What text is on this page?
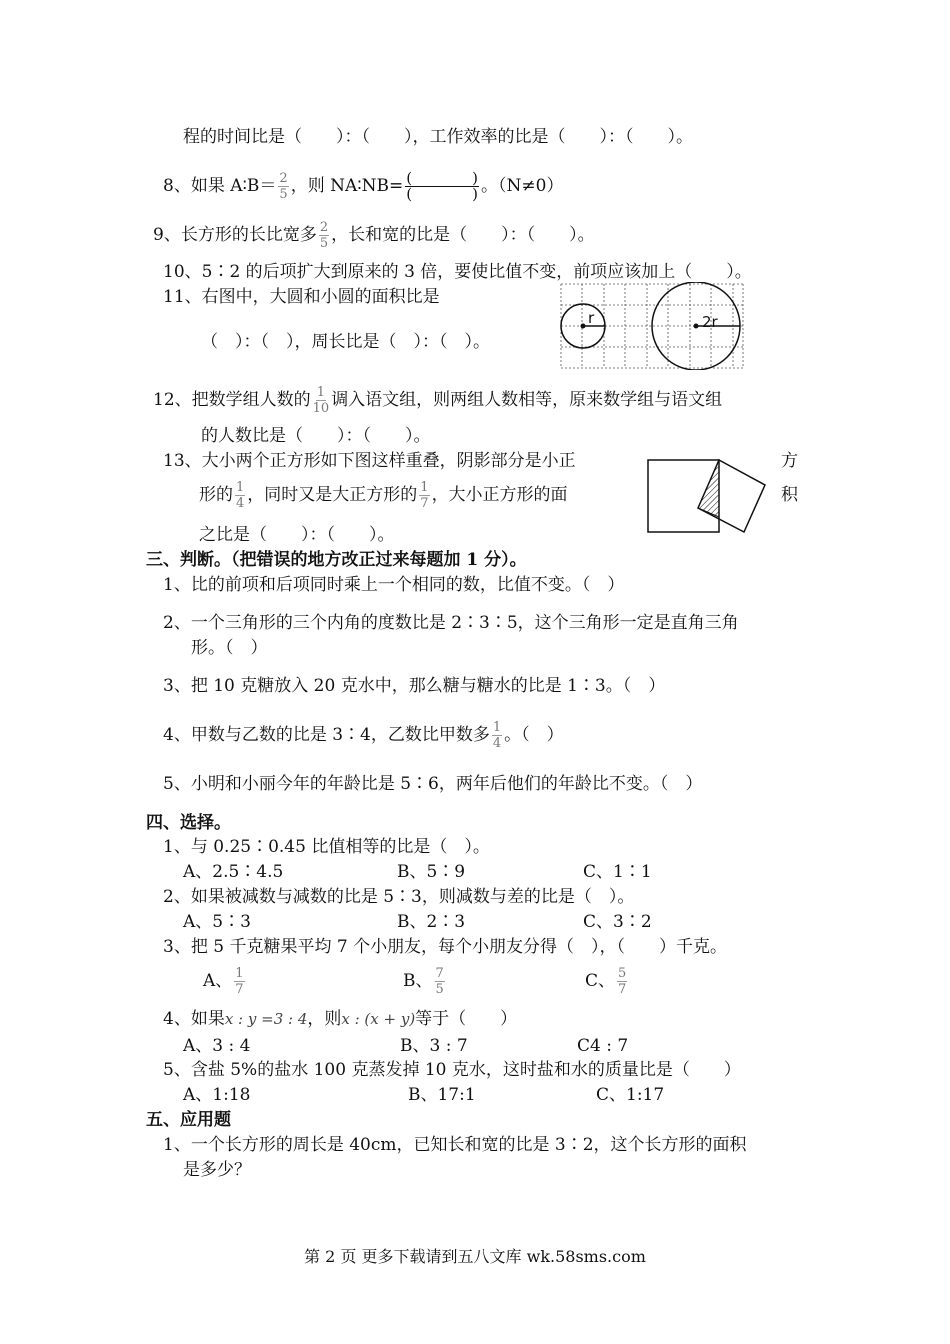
程的时间比是（　　）：（　　），工作效率的比是（　　）：（　　）。
8、如果 A∶B＝ $\frac{2}{5}$ ，则 NA∶NB= $\frac{( )}{( )}$ 。（N≠0）
9、长方形的长比宽多 $\frac{2}{5}$ ，长和宽的比是（　　）：（　　）。
10、5∶2 的后项扩大到原来的 3 倍，要使比值不变，前项应该加上（　　）。
11、右图中，大圆和小圆的面积比是
（　）：（　），周长比是（　）：（　）。
r	2r
12、把数学组人数的 $\frac{1}{10}$ 调入语文组，则两组人数相等，原来数学组与语文组
的人数比是（　　）：（　　）。
13、大小两个正方形如下图这样重叠，阴影部分是小正	方
形的 $\frac{1}{4}$ ，同时又是大正方形的 $\frac{1}{7}$ ，大小正方形的面	积
之比是（　　）：（　　）。
三、判断。（把错误的地方改正过来每题加 1 分）。
1、比的前项和后项同时乘上一个相同的数，比值不变。（　）
2、一个三角形的三个内角的度数比是 2∶3∶5，这个三角形一定是直角三角
形。（　）
3、把 10 克糖放入 20 克水中，那么糖与糖水的比是 1∶3。（　）
4、甲数与乙数的比是 3∶4，乙数比甲数多 $\frac{1}{4}$ 。（　）
5、小明和小丽今年的年龄比是 5∶6，两年后他们的年龄比不变。（　）
四、选择。
1、与 0.25∶0.45 比值相等的比是（　）。
A、2.5∶4.5	B、5∶9	C、1∶1
2、如果被减数与减数的比是 5∶3，则减数与差的比是（　）。
A、5∶3	B、2∶3	C、3∶2
3、把 5 千克糖果平均 7 个小朋友，每个小朋友分得（　），（　　）千克。
A、 $\frac{1}{7}$	B、 $\frac{7}{5}$	C、 $\frac{5}{7}$
4、如果x : y =3 : 4，则x : (x + y)等于（　　）
A、3 : 4	B、3 : 7	C4 : 7
5、含盐 5%的盐水 100 克蒸发掉 10 克水，这时盐和水的质量比是（　　）
A、1:18	B、17:1	C、1:17
五、应用题
1、一个长方形的周长是 40cm，已知长和宽的比是 3∶2，这个长方形的面积
是多少？
第 2 页 更多下载请到五八文库 wk.58sms.com
